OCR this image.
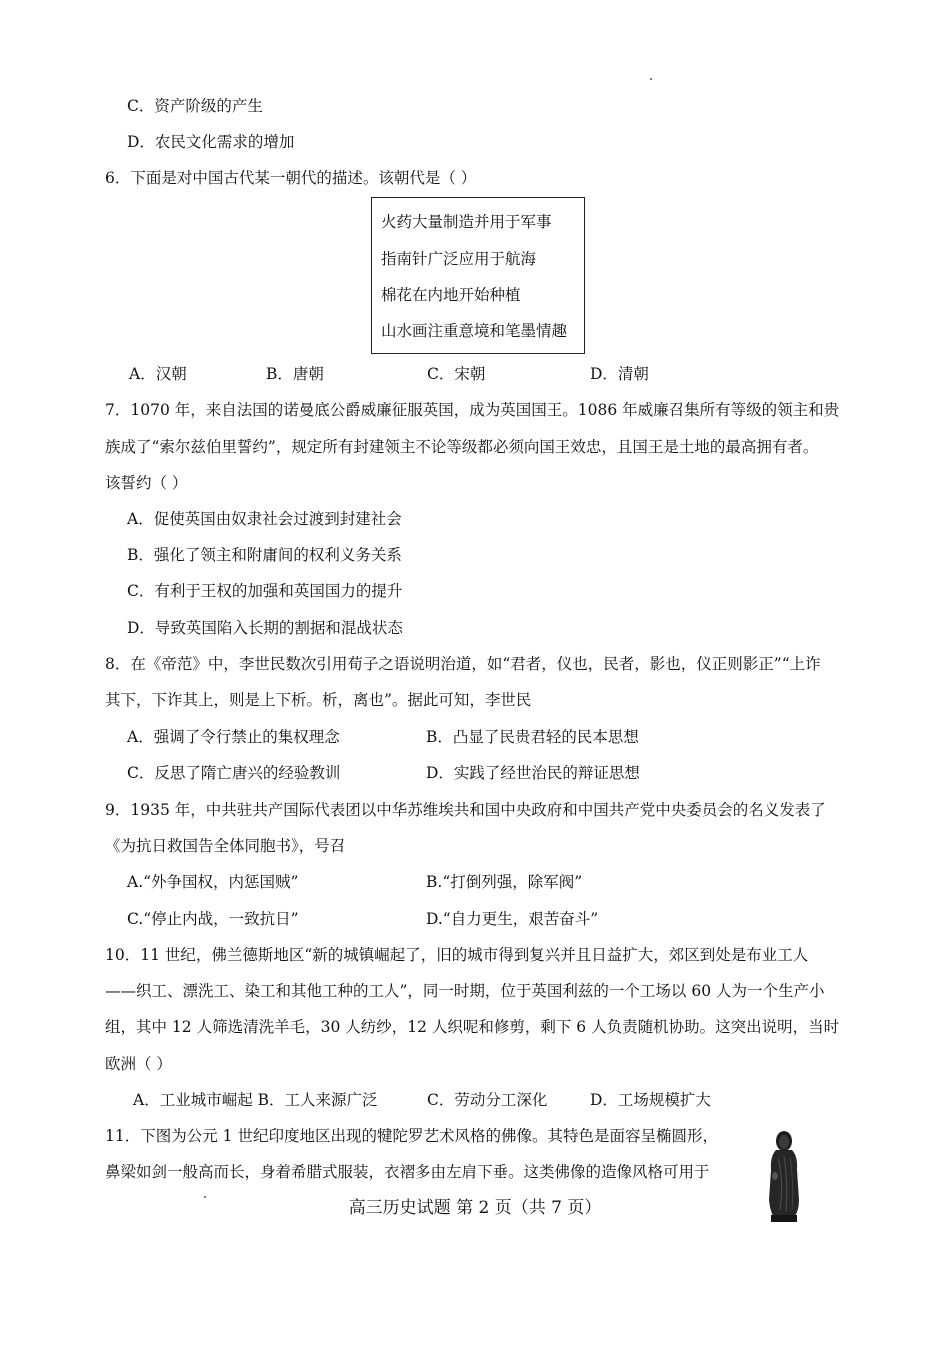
C．资产阶级的产生
D．农民文化需求的增加
6．下面是对中国古代某一朝代的描述。该朝代是（ ）
火药大量制造并用于军事
指南针广泛应用于航海
棉花在内地开始种植
山水画注重意境和笔墨情趣
A．汉朝	B．唐朝	C．宋朝	D．清朝
7．1070 年，来自法国的诺曼底公爵威廉征服英国，成为英国国王。1086 年威廉召集所有等级的领主和贵
族成了“索尔兹伯里誓约”，规定所有封建领主不论等级都必须向国王效忠，且国王是土地的最高拥有者。
该誓约（ ）
A．促使英国由奴隶社会过渡到封建社会
B．强化了领主和附庸间的权利义务关系
C．有利于王权的加强和英国国力的提升
D．导致英国陷入长期的割据和混战状态
8．在《帝范》中，李世民数次引用荀子之语说明治道，如“君者，仪也，民者，影也，仪正则影正”“上诈
其下，下诈其上，则是上下析。析，离也”。据此可知，李世民
A．强调了令行禁止的集权理念	B．凸显了民贵君轻的民本思想
C．反思了隋亡唐兴的经验教训	D．实践了经世治民的辩证思想
9．1935 年，中共驻共产国际代表团以中华苏维埃共和国中央政府和中国共产党中央委员会的名义发表了
《为抗日救国告全体同胞书》，号召
A.“外争国权，内惩国贼”	B.“打倒列强，除军阀”
C.“停止内战，一致抗日”	D.“自力更生，艰苦奋斗”
10．11 世纪，佛兰德斯地区“新的城镇崛起了，旧的城市得到复兴并且日益扩大，郊区到处是布业工人
——织工、漂洗工、染工和其他工种的工人”，同一时期，位于英国利兹的一个工场以 60 人为一个生产小
组，其中 12 人筛选清洗羊毛，30 人纺纱，12 人织呢和修剪，剩下 6 人负责随机协助。这突出说明，当时
欧洲（ ）
A．工业城市崛起 B．工人来源广泛	C．劳动分工深化	D．工场规模扩大
11．下图为公元 1 世纪印度地区出现的犍陀罗艺术风格的佛像。其特色是面容呈椭圆形，
鼻梁如剑一般高而长，身着希腊式服装，衣褶多由左肩下垂。这类佛像的造像风格可用于
高三历史试题 第 2 页（共 7 页）
